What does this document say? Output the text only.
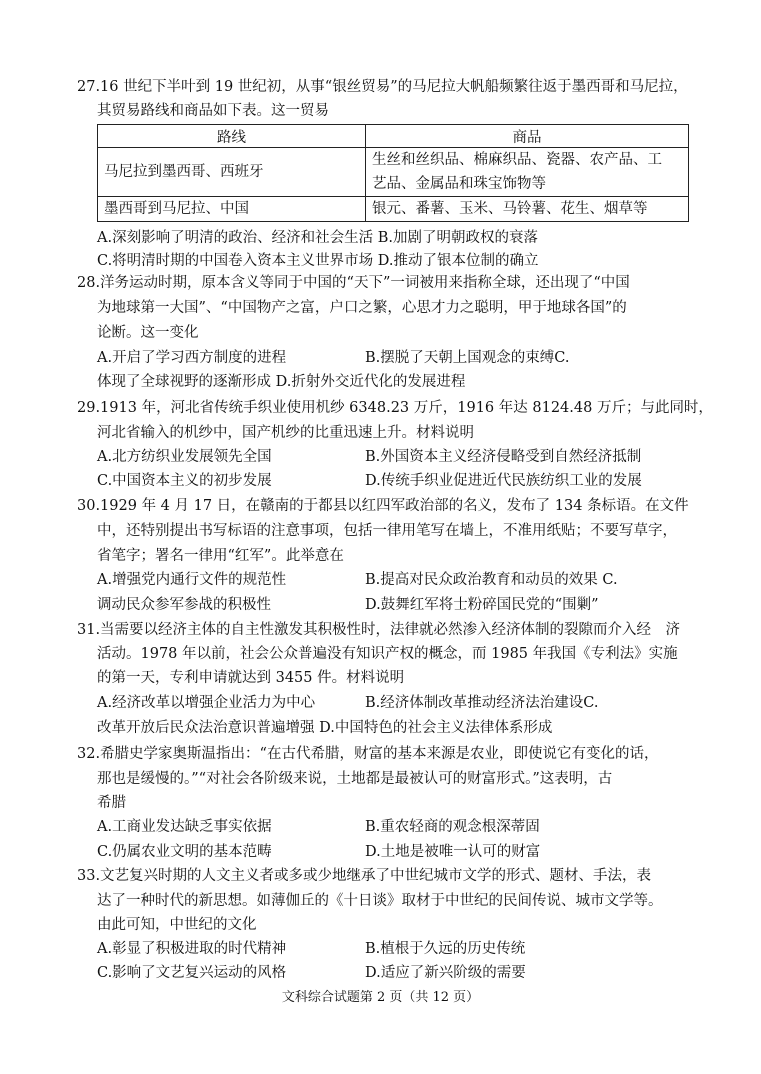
27.16 世纪下半叶到 19 世纪初，从事“银丝贸易”的马尼拉大帆船频繁往返于墨西哥和马尼拉，
其贸易路线和商品如下表。这一贸易
路线	商品
马尼拉到墨西哥、西班牙	生丝和丝织品、棉麻织品、瓷器、农产品、工
艺品、金属品和珠宝饰物等

墨西哥到马尼拉、中国	银元、番薯、玉米、马铃薯、花生、烟草等
A.深刻影响了明清的政治、经济和社会生活 B.加剧了明朝政权的衰落
C.将明清时期的中国卷入资本主义世界市场 D.推动了银本位制的确立
28.洋务运动时期，原本含义等同于中国的“天下”一词被用来指称全球，还出现了“中国
为地球第一大国”、“中国物产之富，户口之繁，心思才力之聪明，甲于地球各国”的
论断。这一变化
A.开启了学习西方制度的进程	B.摆脱了天朝上国观念的束缚C.
体现了全球视野的逐渐形成 D.折射外交近代化的发展进程
29.1913 年，河北省传统手织业使用机纱 6348.23 万斤，1916 年达 8124.48 万斤；与此同时，
河北省输入的机纱中，国产机纱的比重迅速上升。材料说明
A.北方纺织业发展领先全国	B.外国资本主义经济侵略受到自然经济抵制
C.中国资本主义的初步发展	D.传统手织业促进近代民族纺织工业的发展
30.1929 年 4 月 17 日，在赣南的于都县以红四军政治部的名义，发布了 134 条标语。在文件
中，还特别提出书写标语的注意事项，包括一律用笔写在墙上，不准用纸贴；不要写草字，
省笔字；署名一律用“红军”。此举意在
A.增强党内通行文件的规范性	B.提高对民众政治教育和动员的效果 C.
调动民众参军参战的积极性	D.鼓舞红军将士粉碎国民党的“围剿”
31.当需要以经济主体的自主性激发其积极性时，法律就必然渗入经济体制的裂隙而介入经　济
活动。1978 年以前，社会公众普遍没有知识产权的概念，而 1985 年我国《专利法》实施
的第一天，专利申请就达到 3455 件。材料说明
A.经济改革以增强企业活力为中心	B.经济体制改革推动经济法治建设C.
改革开放后民众法治意识普遍增强 D.中国特色的社会主义法律体系形成
32.希腊史学家奥斯温指出：“在古代希腊，财富的基本来源是农业，即使说它有变化的话，
那也是缓慢的。”“对社会各阶级来说，土地都是最被认可的财富形式。”这表明，古
希腊
A.工商业发达缺乏事实依据	B.重农轻商的观念根深蒂固
C.仍属农业文明的基本范畴	D.土地是被唯一认可的财富
33.文艺复兴时期的人文主义者或多或少地继承了中世纪城市文学的形式、题材、手法，表
达了一种时代的新思想。如薄伽丘的《十日谈》取材于中世纪的民间传说、城市文学等。
由此可知，中世纪的文化
A.彰显了积极进取的时代精神	B.植根于久远的历史传统
C.影响了文艺复兴运动的风格	D.适应了新兴阶级的需要
文科综合试题第 2 页（共 12 页）
